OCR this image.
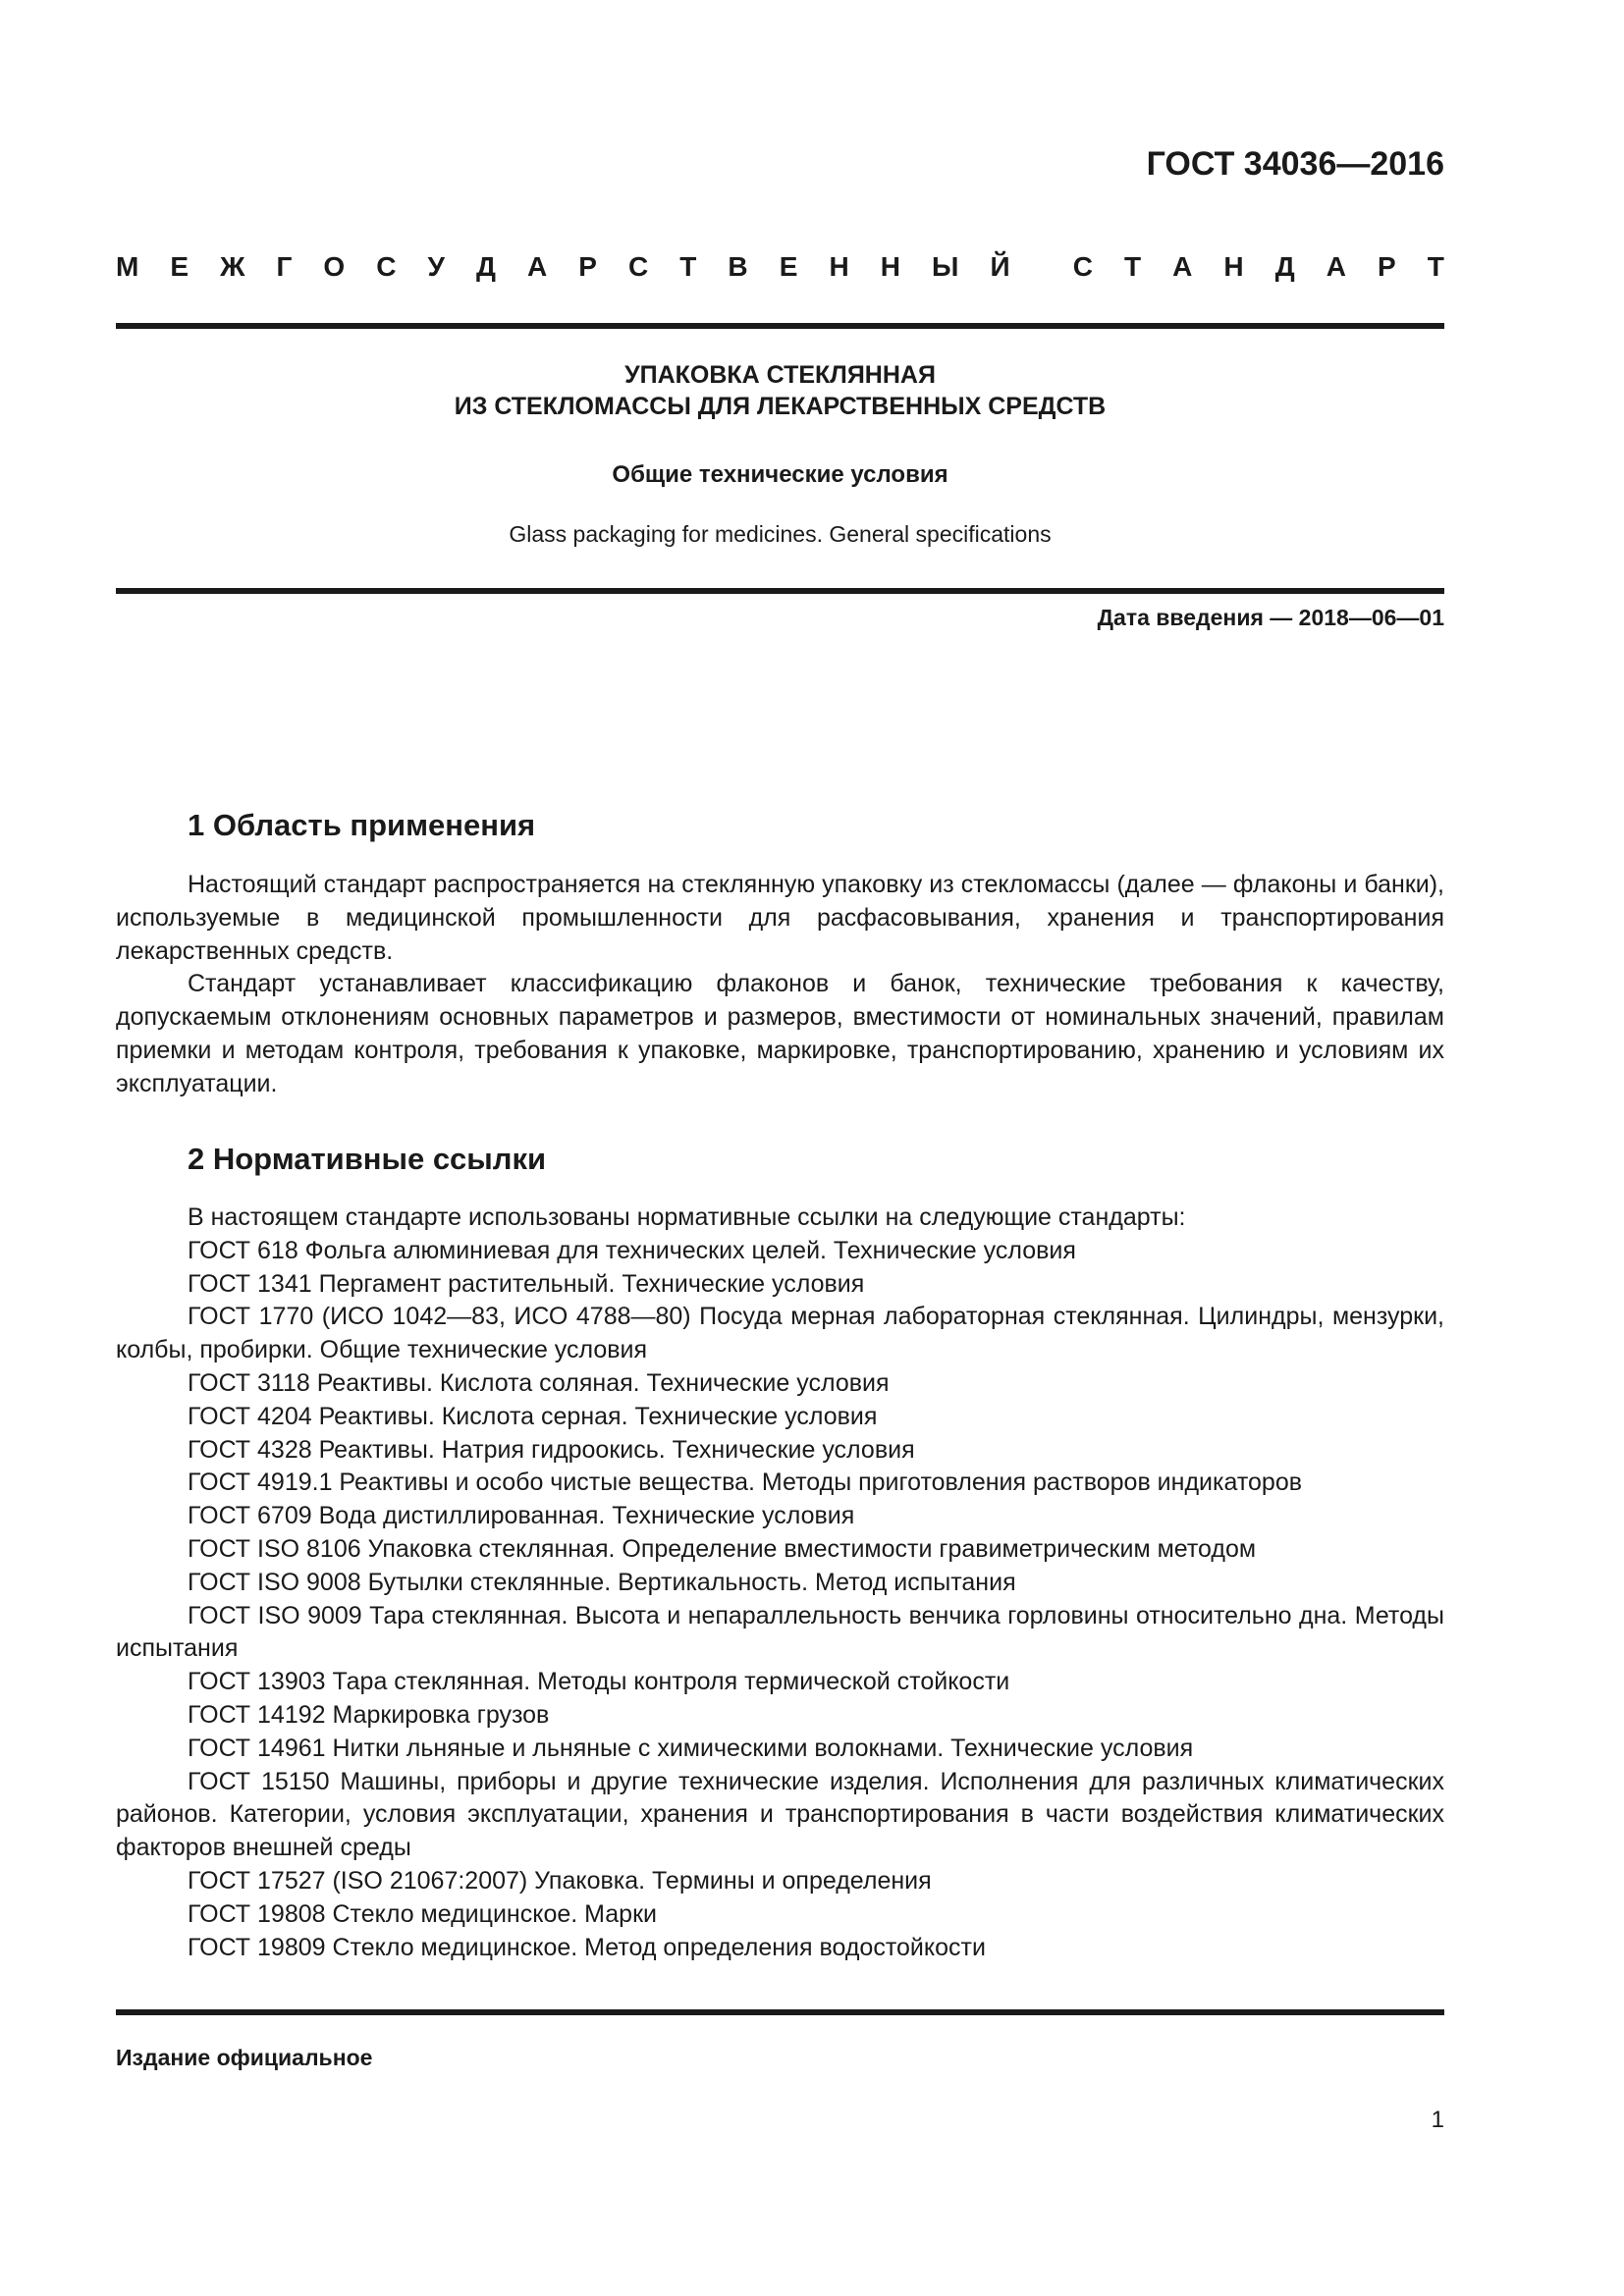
ГОСТ 34036—2016
М Е Ж Г О С У Д А Р С Т В Е Н Н Ы Й С Т А Н Д А Р Т
УПАКОВКА СТЕКЛЯННАЯ
ИЗ СТЕКЛОМАССЫ ДЛЯ ЛЕКАРСТВЕННЫХ СРЕДСТВ
Общие технические условия
Glass packaging for medicines. General specifications
Дата введения — 2018—06—01
1 Область применения

Настоящий стандарт распространяется на стеклянную упаковку из стекломассы (далее — флаконы и банки), используемые в медицинской промышленности для расфасовывания, хранения и транспортирования лекарственных средств.

Стандарт устанавливает классификацию флаконов и банок, технические требования к качеству, допускаемым отклонениям основных параметров и размеров, вместимости от номинальных значений, правилам приемки и методам контроля, требования к упаковке, маркировке, транспортированию, хранению и условиям их эксплуатации.

2 Нормативные ссылки

В настоящем стандарте использованы нормативные ссылки на следующие стандарты:

ГОСТ 618 Фольга алюминиевая для технических целей. Технические условия

ГОСТ 1341 Пергамент растительный. Технические условия

ГОСТ 1770 (ИСО 1042—83, ИСО 4788—80) Посуда мерная лабораторная стеклянная. Цилиндры, мензурки, колбы, пробирки. Общие технические условия

ГОСТ 3118 Реактивы. Кислота соляная. Технические условия

ГОСТ 4204 Реактивы. Кислота серная. Технические условия

ГОСТ 4328 Реактивы. Натрия гидроокись. Технические условия

ГОСТ 4919.1 Реактивы и особо чистые вещества. Методы приготовления растворов индикаторов

ГОСТ 6709 Вода дистиллированная. Технические условия

ГОСТ ISO 8106 Упаковка стеклянная. Определение вместимости гравиметрическим методом

ГОСТ ISO 9008 Бутылки стеклянные. Вертикальность. Метод испытания

ГОСТ ISO 9009 Тара стеклянная. Высота и непараллельность венчика горловины относительно дна. Методы испытания

ГОСТ 13903 Тара стеклянная. Методы контроля термической стойкости

ГОСТ 14192 Маркировка грузов

ГОСТ 14961 Нитки льняные и льняные с химическими волокнами. Технические условия

ГОСТ 15150 Машины, приборы и другие технические изделия. Исполнения для различных климатических районов. Категории, условия эксплуатации, хранения и транспортирования в части воздействия климатических факторов внешней среды

ГОСТ 17527 (ISO 21067:2007) Упаковка. Термины и определения

ГОСТ 19808 Стекло медицинское. Марки

ГОСТ 19809 Стекло медицинское. Метод определения водостойкости

Издание официальное
1
